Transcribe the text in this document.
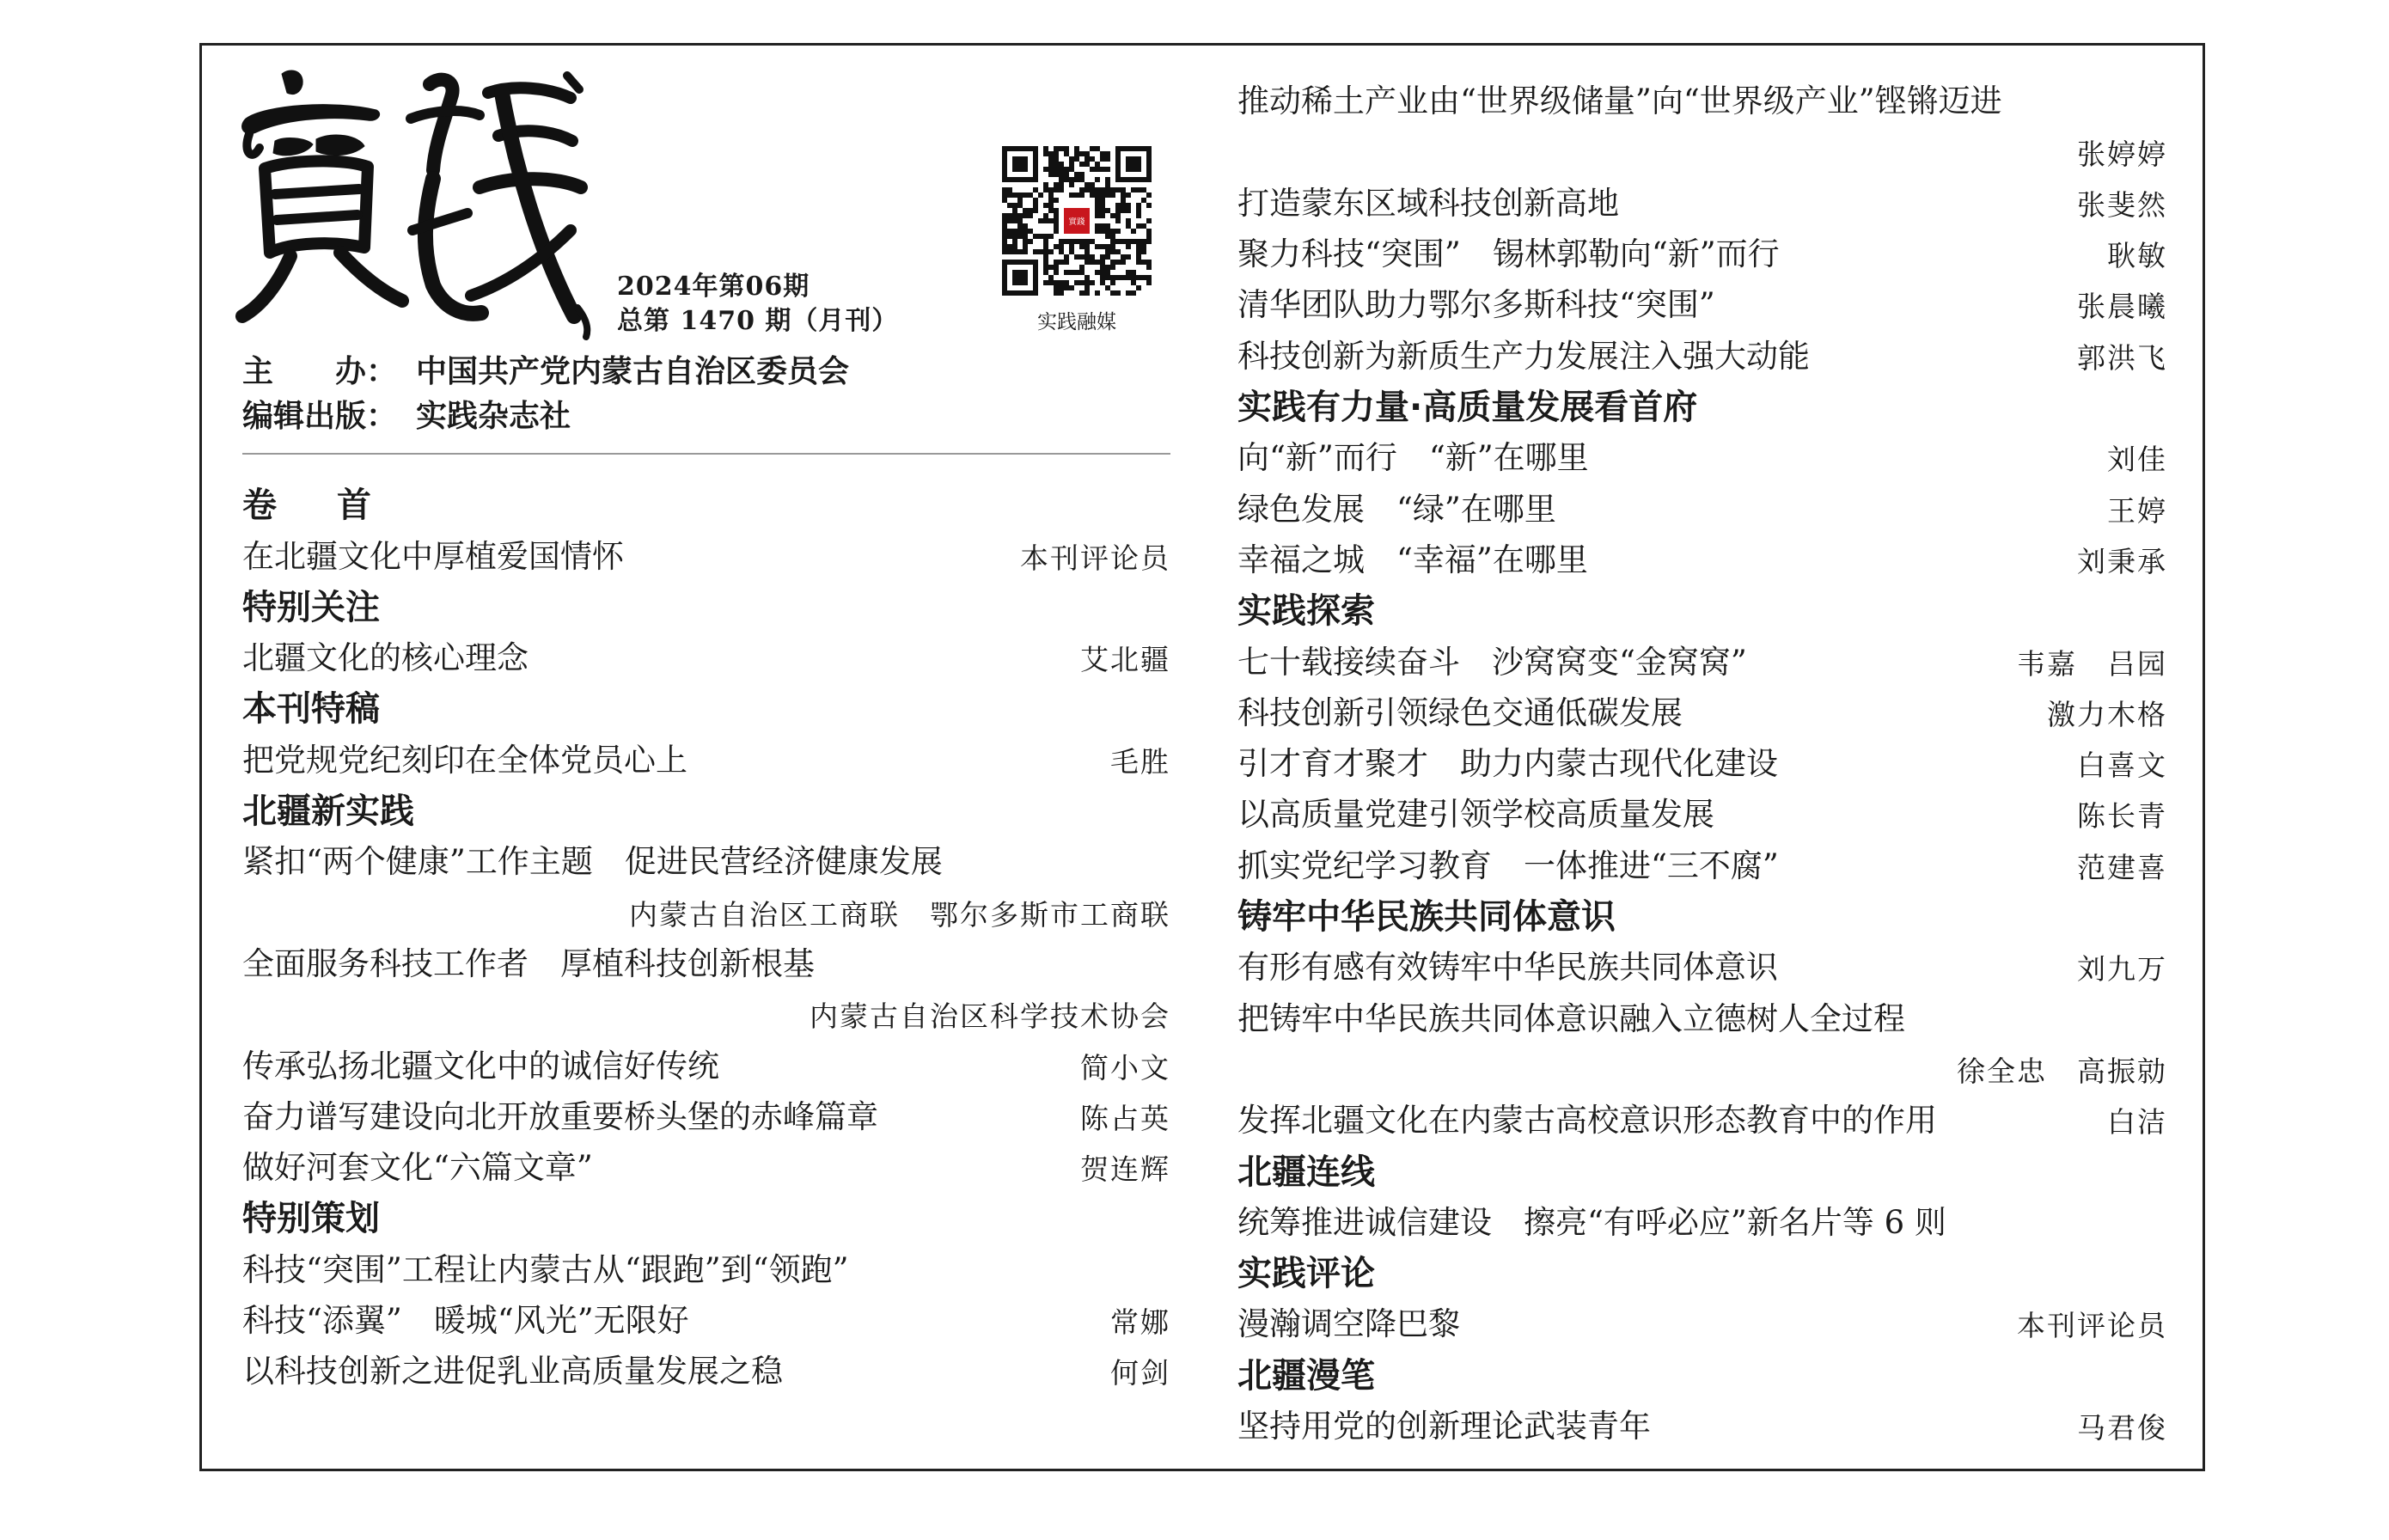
2024年第06期
总第 1470 期（月刊）
實踐
实践融媒
主　　办： 中国共产党内蒙古自治区委员会
编辑出版： 实践杂志社
卷首
在北疆文化中厚植爱国情怀	本刊评论员
特别关注
北疆文化的核心理念	艾北疆
本刊特稿
把党规党纪刻印在全体党员心上	毛胜
北疆新实践
紧扣“两个健康”工作主题　促进民营经济健康发展
内蒙古自治区工商联　鄂尔多斯市工商联
全面服务科技工作者　厚植科技创新根基
内蒙古自治区科学技术协会
传承弘扬北疆文化中的诚信好传统	简小文
奋力谱写建设向北开放重要桥头堡的赤峰篇章	陈占英
做好河套文化“六篇文章”	贺连辉
特别策划
科技“突围”工程让内蒙古从“跟跑”到“领跑”
科技“添翼”　暖城“风光”无限好	常娜
以科技创新之进促乳业高质量发展之稳	何剑
推动稀土产业由“世界级储量”向“世界级产业”铿锵迈进
张婷婷
打造蒙东区域科技创新高地	张斐然
聚力科技“突围”　锡林郭勒向“新”而行	耿敏
清华团队助力鄂尔多斯科技“突围”	张晨曦
科技创新为新质生产力发展注入强大动能	郭洪飞
实践有力量·高质量发展看首府
向“新”而行　“新”在哪里	刘佳
绿色发展　“绿”在哪里	王婷
幸福之城　“幸福”在哪里	刘秉承
实践探索
七十载接续奋斗　沙窝窝变“金窝窝”	韦嘉　吕园
科技创新引领绿色交通低碳发展	激力木格
引才育才聚才　助力内蒙古现代化建设	白喜文
以高质量党建引领学校高质量发展	陈长青
抓实党纪学习教育　一体推进“三不腐”	范建喜
铸牢中华民族共同体意识
有形有感有效铸牢中华民族共同体意识	刘九万
把铸牢中华民族共同体意识融入立德树人全过程
徐全忠　高振勍
发挥北疆文化在内蒙古高校意识形态教育中的作用	白洁
北疆连线
统筹推进诚信建设　擦亮“有呼必应”新名片等 6 则
实践评论
漫瀚调空降巴黎	本刊评论员
北疆漫笔
坚持用党的创新理论武装青年	马君俊
